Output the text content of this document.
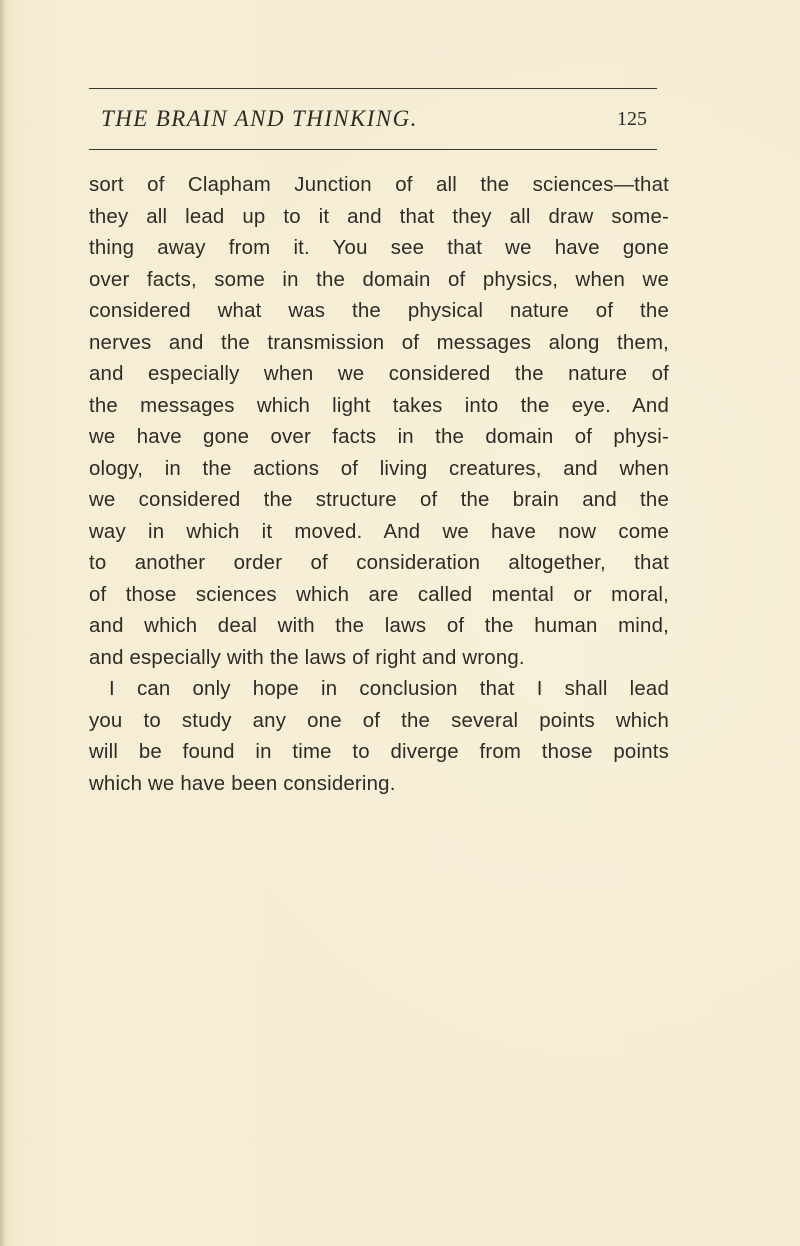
THE BRAIN AND THINKING.	125
sort of Clapham Junction of all the sciences—that
they all lead up to it and that they all draw some-
thing away from it. You see that we have gone
over facts, some in the domain of physics, when we
considered what was the physical nature of the
nerves and the transmission of messages along them,
and especially when we considered the nature of
the messages which light takes into the eye. And
we have gone over facts in the domain of physi-
ology, in the actions of living creatures, and when
we considered the structure of the brain and the
way in which it moved. And we have now come
to another order of consideration altogether, that
of those sciences which are called mental or moral,
and which deal with the laws of the human mind,
and especially with the laws of right and wrong.
I can only hope in conclusion that I shall lead
you to study any one of the several points which
will be found in time to diverge from those points
which we have been considering.
